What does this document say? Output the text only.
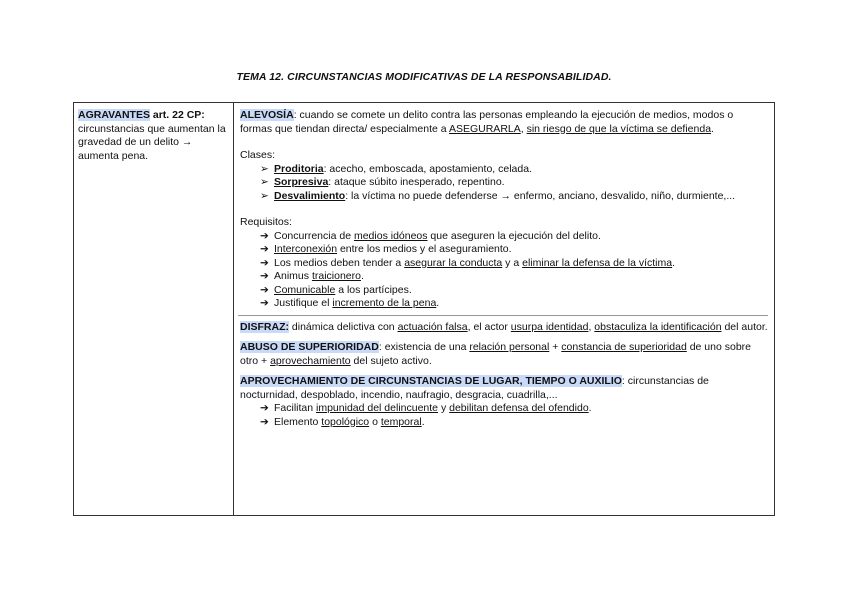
TEMA 12. CIRCUNSTANCIAS MODIFICATIVAS DE LA RESPONSABILIDAD.

AGRAVANTES art. 22 CP: circunstancias que aumentan la gravedad de un delito → aumenta pena.

ALEVOSÍA: cuando se comete un delito contra las personas empleando la ejecución de medios, modos o formas que tiendan directa/ especialmente a ASEGURARLA, sin riesgo de que la víctima se defienda.

Clases:

➢ Proditoria: acecho, emboscada, apostamiento, celada.
➢ Sorpresiva: ataque súbito inesperado, repentino.
➢ Desvalimiento: la víctima no puede defenderse → enfermo, anciano, desvalido, niño, durmiente,...

Requisitos:

➔ Concurrencia de medios idóneos que aseguren la ejecución del delito.
➔ Interconexión entre los medios y el aseguramiento.
➔ Los medios deben tender a asegurar la conducta y a eliminar la defensa de la víctima.
➔ Animus traicionero.
➔ Comunicable a los partícipes.
➔ Justifique el incremento de la pena.

DISFRAZ: dinámica delictiva con actuación falsa, el actor usurpa identidad, obstaculiza la identificación del autor.

ABUSO DE SUPERIORIDAD: existencia de una relación personal + constancia de superioridad de uno sobre otro + aprovechamiento del sujeto activo.

APROVECHAMIENTO DE CIRCUNSTANCIAS DE LUGAR, TIEMPO O AUXILIO: circunstancias de nocturnidad, despoblado, incendio, naufragio, desgracia, cuadrilla,...

➔ Facilitan impunidad del delincuente y debilitan defensa del ofendido.
➔ Elemento topológico o temporal.
